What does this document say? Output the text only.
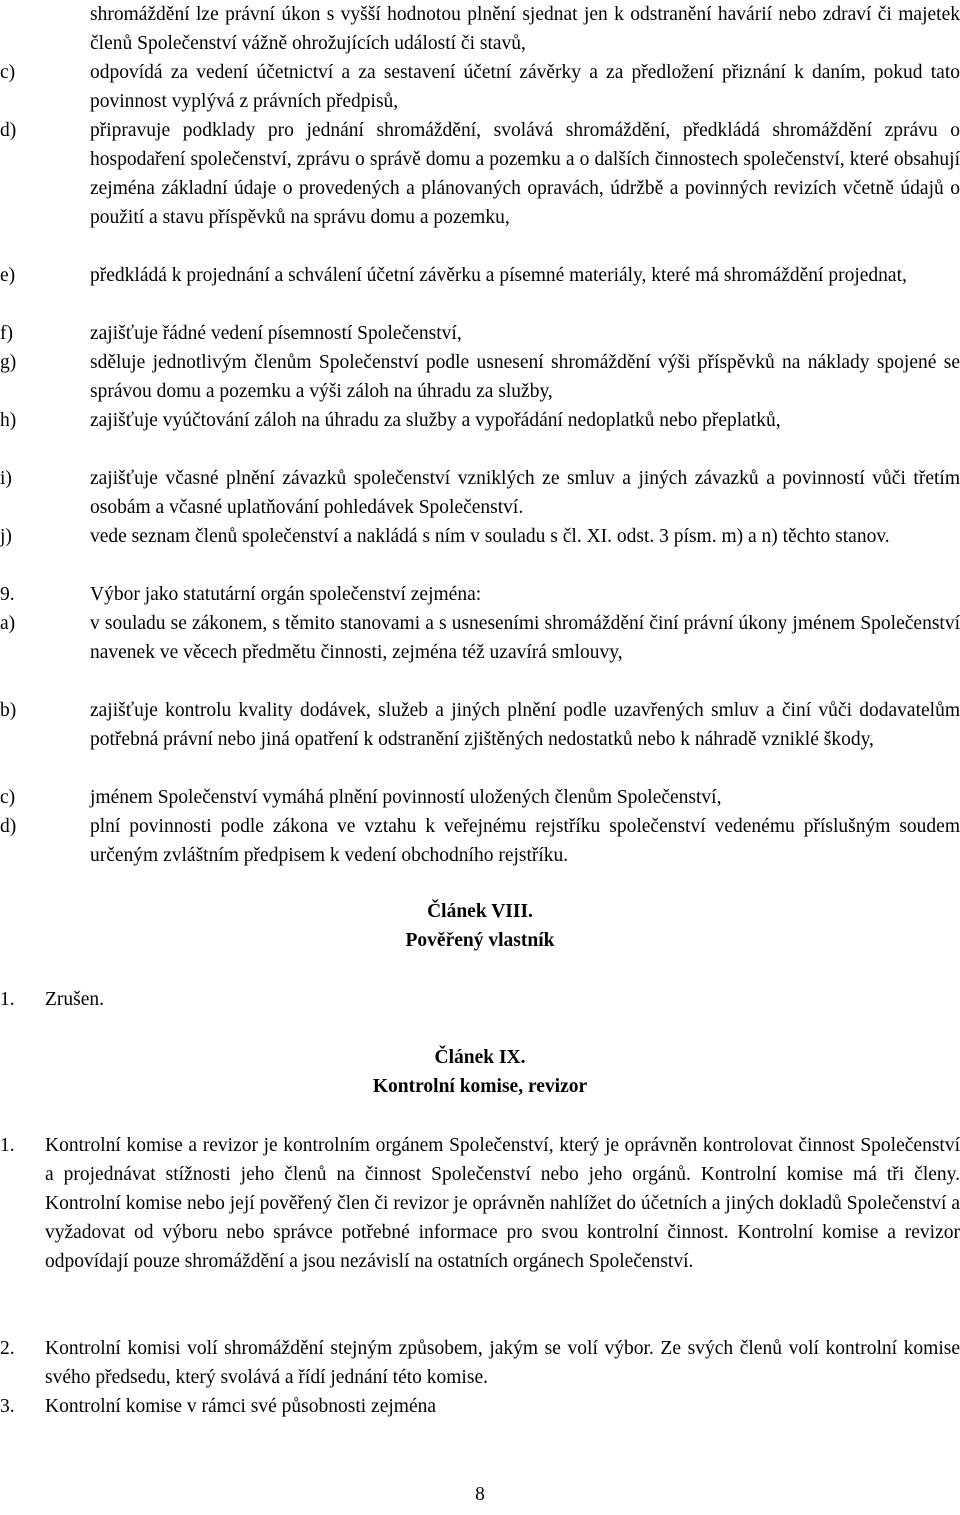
shromáždění lze právní úkon s vyšší hodnotou plnění sjednat jen k odstranění havárií nebo zdraví či majetek členů Společenství vážně ohrožujících událostí či stavů,
c)	odpovídá za vedení účetnictví a za sestavení účetní závěrky a za předložení přiznání k daním, pokud tato povinnost vyplývá z právních předpisů,
d)	připravuje podklady pro jednání shromáždění, svolává shromáždění, předkládá shromáždění zprávu o hospodaření společenství, zprávu o správě domu a pozemku a o dalších činnostech společenství, které obsahují zejména základní údaje o provedených a plánovaných opravách, údržbě a povinných revizích včetně údajů o použití a stavu příspěvků na správu domu a pozemku,
e)	předkládá k projednání a schválení účetní závěrku a písemné materiály, které má shromáždění projednat,
f)	zajišťuje řádné vedení písemností Společenství,
g)	sděluje jednotlivým členům Společenství podle usnesení shromáždění výši příspěvků na náklady spojené se správou domu a pozemku a výši záloh na úhradu za služby,
h)	zajišťuje vyúčtování záloh na úhradu za služby a vypořádání nedoplatků nebo přeplatků,
i)	zajišťuje včasné plnění závazků společenství vzniklých ze smluv a jiných závazků a povinností vůči třetím osobám a včasné uplatňování pohledávek Společenství.
j)	vede seznam členů společenství a nakládá s ním v souladu s čl. XI. odst. 3 písm. m) a n) těchto stanov.
9.	Výbor jako statutární orgán společenství zejména:
a)	v souladu se zákonem, s těmito stanovami a s usneseními shromáždění činí právní úkony jménem Společenství navenek ve věcech předmětu činnosti, zejména též uzavírá smlouvy,
b)	zajišťuje kontrolu kvality dodávek, služeb a jiných plnění podle uzavřených smluv a činí vůči dodavatelům potřebná právní nebo jiná opatření k odstranění zjištěných nedostatků nebo k náhradě vzniklé škody,
c)	jménem Společenství vymáhá plnění povinností uložených členům Společenství,
d)	plní povinnosti podle zákona ve vztahu k veřejnému rejstříku společenství vedenému příslušným soudem určeným zvláštním předpisem k vedení obchodního rejstříku.
Článek VIII.
Pověřený vlastník
1.	Zrušen.
Článek IX.
Kontrolní komise, revizor
1.	Kontrolní komise a revizor je kontrolním orgánem Společenství, který je oprávněn kontrolovat činnost Společenství a projednávat stížnosti jeho členů na činnost Společenství nebo jeho orgánů. Kontrolní komise má tři členy. Kontrolní komise nebo její pověřený člen či revizor je oprávněn nahlížet do účetních a jiných dokladů Společenství a vyžadovat od výboru nebo správce potřebné informace pro svou kontrolní činnost. Kontrolní komise a revizor odpovídají pouze shromáždění a jsou nezávislí na ostatních orgánech Společenství.
2.	Kontrolní komisi volí shromáždění stejným způsobem, jakým se volí výbor. Ze svých členů volí kontrolní komise svého předsedu, který svolává a řídí jednání této komise.
3.	Kontrolní komise v rámci své působnosti zejména
8
